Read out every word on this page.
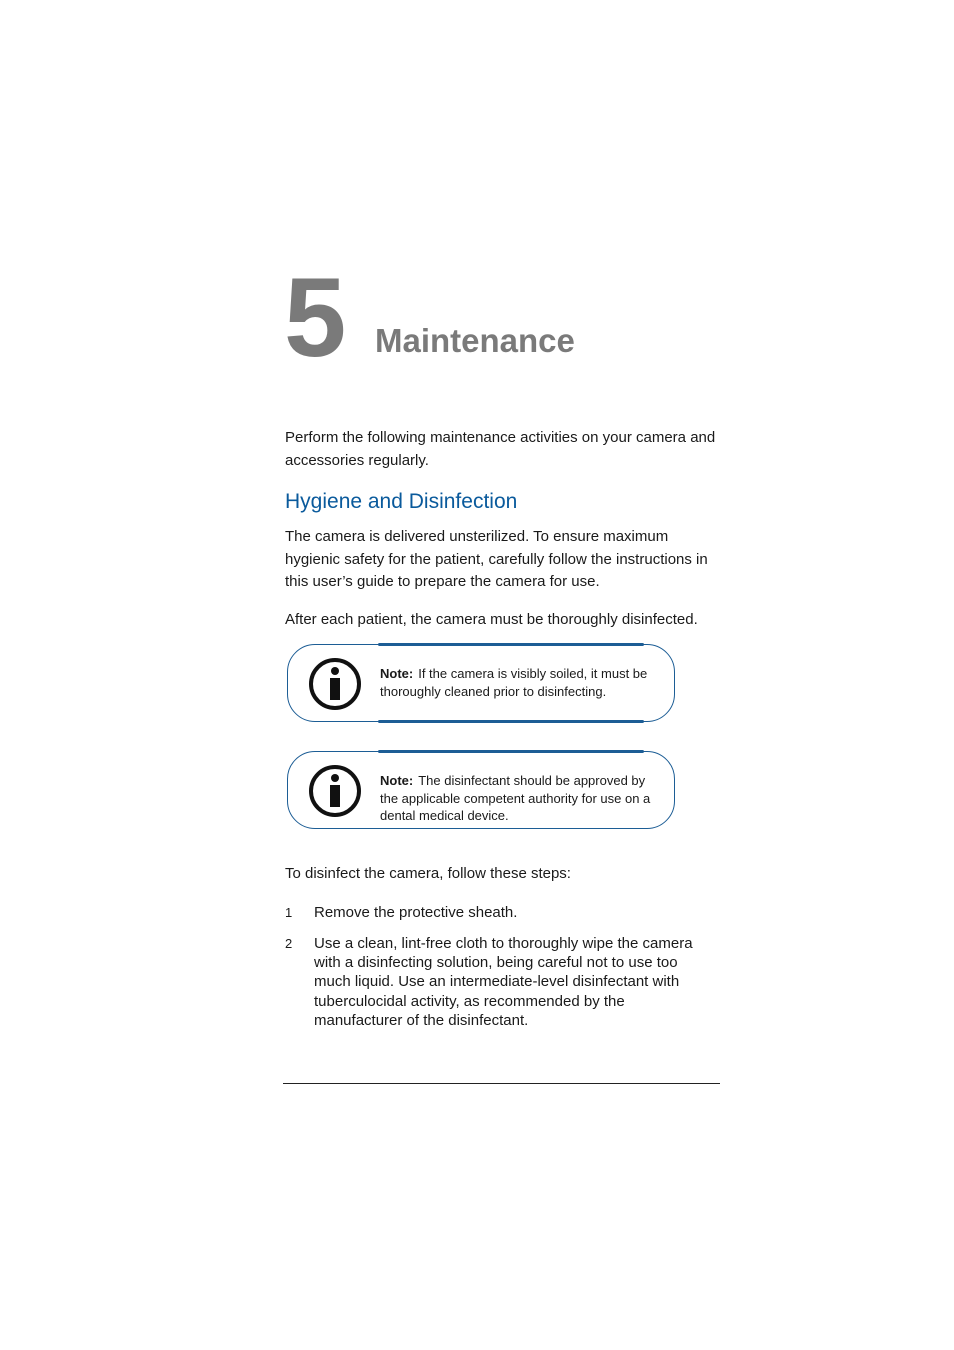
5 Maintenance

Perform the following maintenance activities on your camera and accessories regularly.

Hygiene and Disinfection

The camera is delivered unsterilized. To ensure maximum hygienic safety for the patient, carefully follow the instructions in this user’s guide to prepare the camera for use.

After each patient, the camera must be thoroughly disinfected.

Note: If the camera is visibly soiled, it must be thoroughly cleaned prior to disinfecting.

Note: The disinfectant should be approved by the applicable competent authority for use on a dental medical device.

To disinfect the camera, follow these steps:

1	Remove the protective sheath.
2	Use a clean, lint-free cloth to thoroughly wipe the camera with a disinfecting solution, being careful not to use too much liquid. Use an intermediate-level disinfectant with tuberculocidal activity, as recommended by the manufacturer of the disinfectant.
